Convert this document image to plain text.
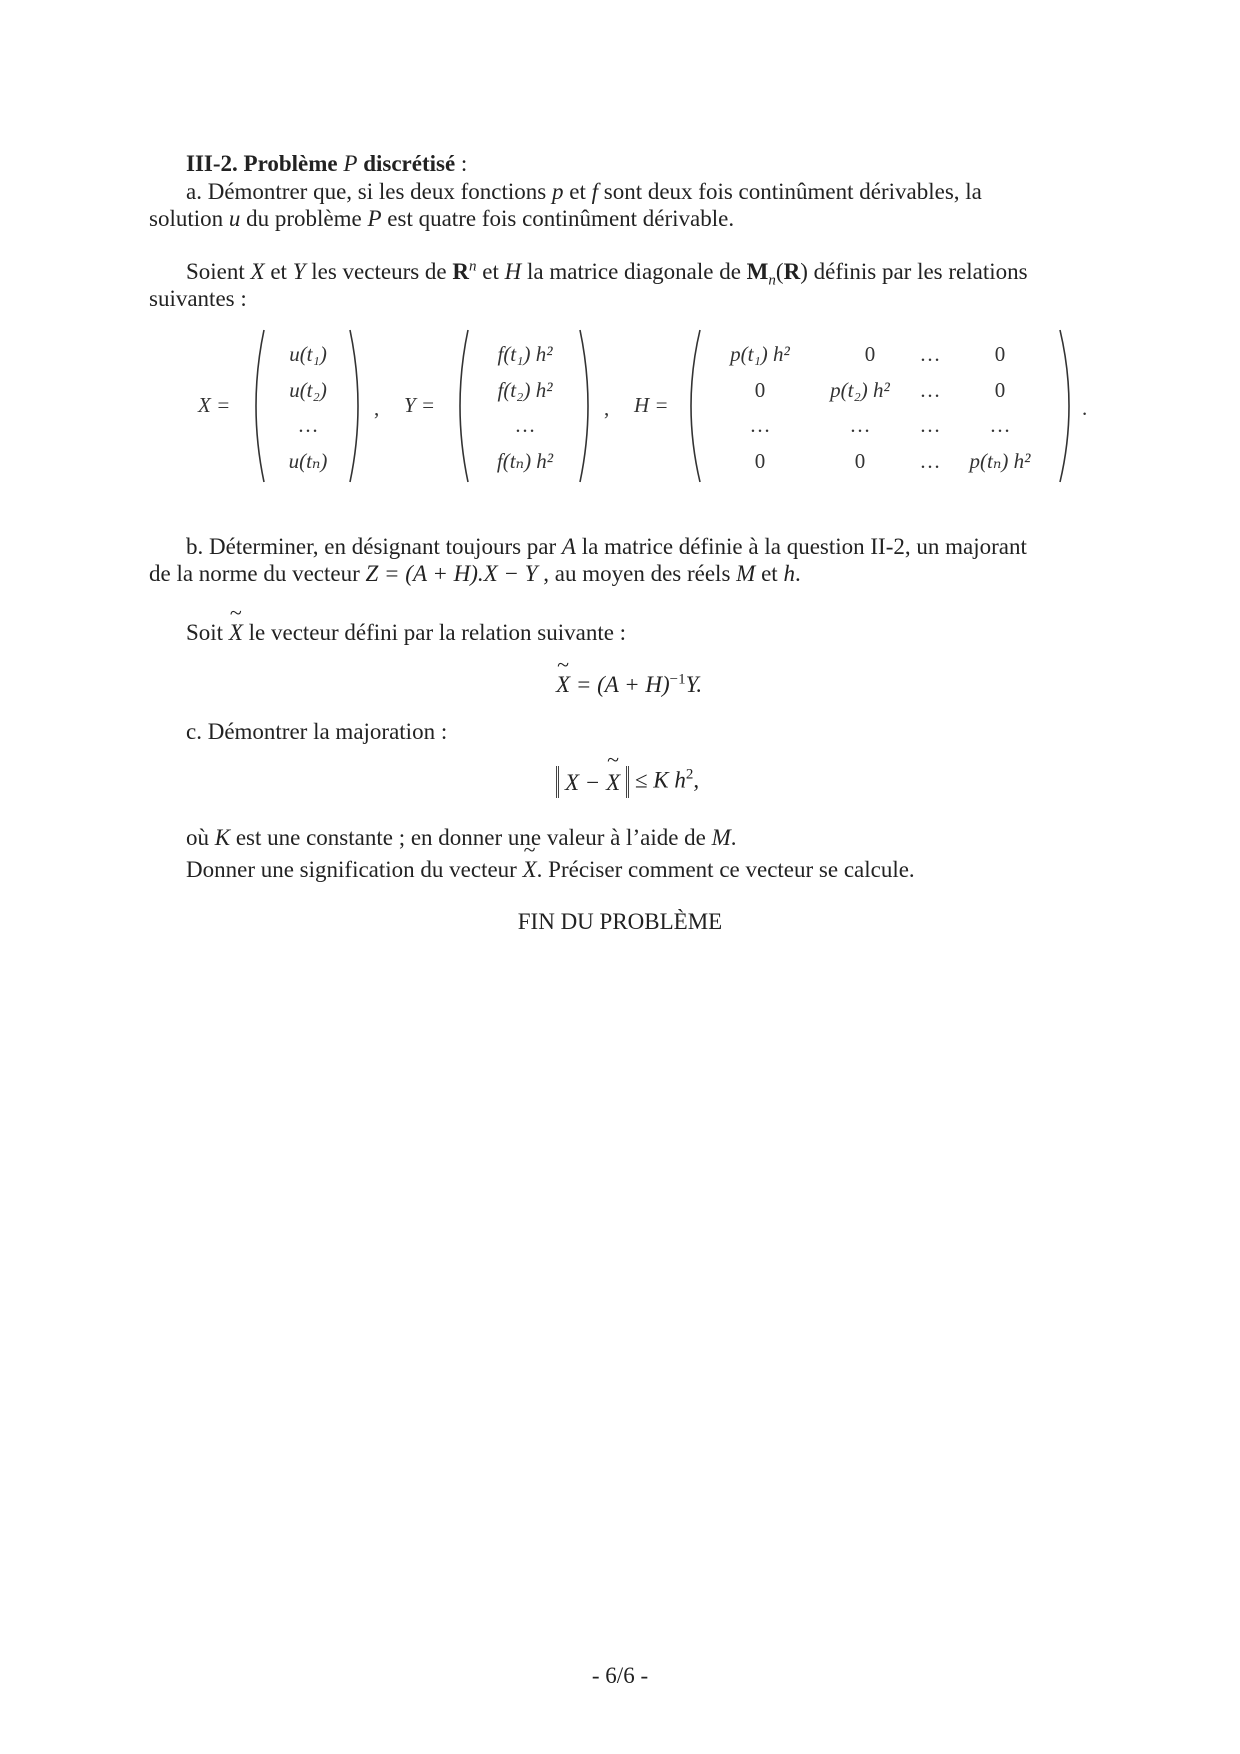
III-2. Problème P discrétisé :
a. Démontrer que, si les deux fonctions p et f sont deux fois continûment dérivables, la
solution u du problème P est quatre fois continûment dérivable.
Soient X et Y les vecteurs de $R^n$ et H la matrice diagonale de $M_n(R)$ définis par les relations
suivantes :
X =
u(t₁)
u(t₂)
…
u(tₙ)
, Y =
f(t₁) h²
f(t₂) h²
…
f(tₙ) h²
, H =
p(t₁) h²	0	…	0
0	p(t₂) h²	…	0
…	…	…	…
0	0	…	p(tₙ) h²
.
b. Déterminer, en désignant toujours par A la matrice définie à la question II-2, un majorant
de la norme du vecteur Z = (A + H).X − Y , au moyen des réels M et h.
Soit ~ X le vecteur défini par la relation suivante :
~ $X = (A + H)^{-1}Y$.
c. Démontrer la majoration :
X − ~ X ≤ K $h^2$,
où K est une constante ; en donner une valeur à l’aide de M.
Donner une signification du vecteur ~ X. Préciser comment ce vecteur se calcule.
FIN DU PROBLÈME
- 6/6 -
